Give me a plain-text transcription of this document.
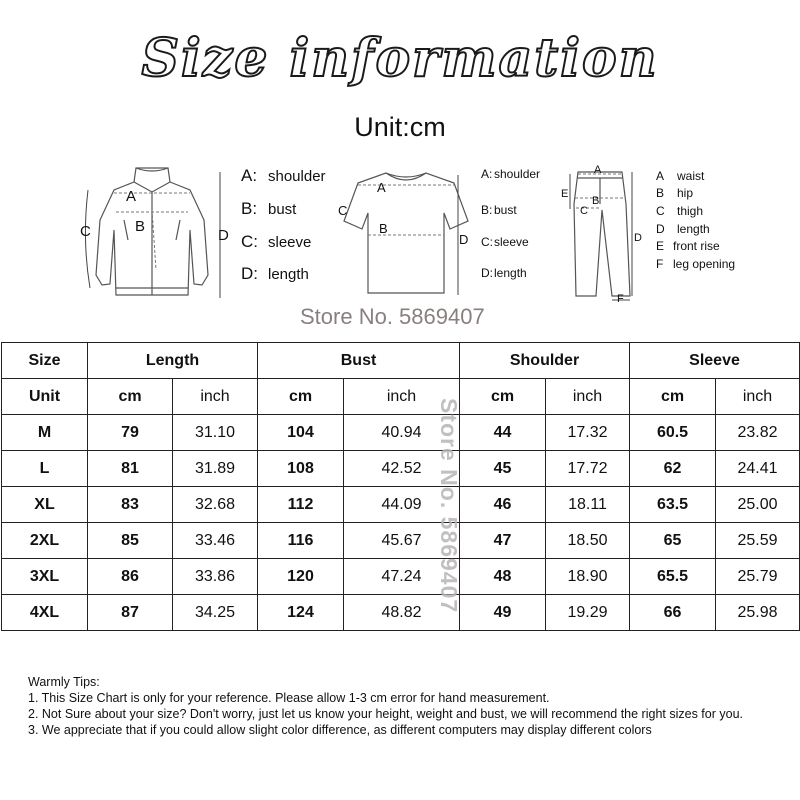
Size information
Unit:cm
A
B
C	D
A: shoulder
B: bust
C: sleeve
D: length
A
B
C
D
A: shoulder
B: bust
C: sleeve
D: length
A
B
C
D
E
F
A waist
B hip
C thigh
D length
E front rise
F leg opening
Store No. 5869407
Size	Length		Bust		Shoulder		Sleeve	
Unit	cm	inch	cm	inch	cm	inch	cm	inch
M	79	31.10	104	40.94	44	17.32	60.5	23.82
L	81	31.89	108	42.52	45	17.72	62	24.41
XL	83	32.68	112	44.09	46	18.11	63.5	25.00
2XL	85	33.46	116	45.67	47	18.50	65	25.59
3XL	86	33.86	120	47.24	48	18.90	65.5	25.79
4XL	87	34.25	124	48.82	49	19.29	66	25.98
Store No. 5869407
Warmly Tips:
1. This Size Chart is only for your reference. Please allow 1-3 cm error for hand measurement.
2. Not Sure about your size? Don't worry, just let us know your height, weight and bust, we will recommend the right sizes for you.
3. We appreciate that if you could allow slight color difference, as different computers may display different colors
